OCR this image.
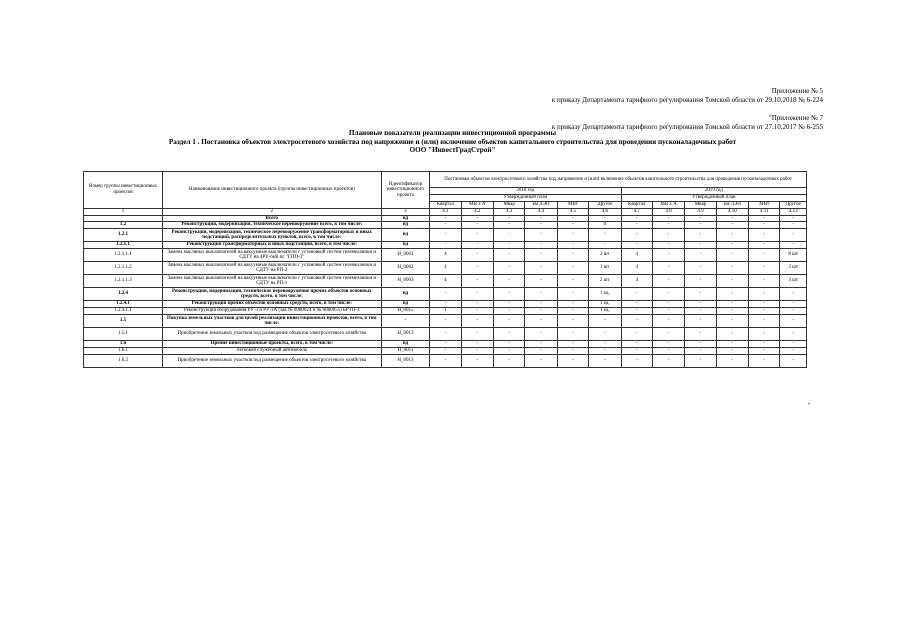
Приложение № 5
к приказу Департамента тарифного регулирования Томской области от 29.10.2018 № 6-224
"Приложение № 7
к приказу Департамента тарифного регулирования Томской области от 27.10.2017 № 6-255
Плановые показатели реализации инвестиционной программы
Раздел 1 . Постановка объектов электросетевого хозяйства под напряжение и (или) включение объектов капитального строительства для проведения пусконаладочных работ
ООО "ИнвестГрадСтрой"
Номер группы инвестиционных проектов	Наименование инвестиционного проекта (группы инвестиционных проектов)	Идентификатор инвестиционного проекта	Постановка объектов электросетевого хозяйства под напряжение и (или) включение объектов капитального строительства для проведения пусконаладочных работ											
			2018 год						2019 год					
			Утвержденный план						Утвержденный план					
			Квартал	МВ x А	Мвар	км ЛЭП	МВт	Другое	Квартал	МВ x А	Мвар	км ЛЭП	МВт	Другое
1	2	3	4.1	4.2	4.3	4.4	4.5	4.6	4.7	4.8	4.9	4.10	4.11	4.12
	Всего	нд	-	-	-	-	-	-	-	-	-	-	-	-
1.2	Реконструкция, модернизация, техническое перевооружение всего, в том числе:	нд	-	-	-	-	-	0	-	-	-	-	-	-
1.2.1	Реконструкция, модернизация, техническое перевооружение трансформаторных и иных подстанций, распределительных пунктов, всего, в том числе:	нд	-	-	-	-	-	-	-	-	-	-	-	-
1.2.1.1	Реконструкция трансформаторных и иных подстанций, всего, в том числе:	нд	-	-	-	-	-	-	-	-	-	-	-	-
1.2.1.1.1	Замена масляных выключателей на вакуумные выключатели с установкой систем телемеханики и СДТУ на ЗРУ-6кВ пс "ГПП-3"	Н_0001	4	-	-	-	-	2 шт	4	-	-	-	-	8 шт
1.2.1.1.2	Замена масляных выключателей на вакуумные выключатели с установкой систем телемеханики и СДТУ на РП-2	Н_0002	4	-	-	-	-	1 шт	4	-	-	-	-	3 шт
1.2.1.1.3	Замена масляных выключателей на вакуумные выключатели с установкой систем телемеханики и СДТУ на РП-1	Н_0003	4	-	-	-	-	2 шт	4	-	-	-	-	3 шт
1.2.4	Реконструкция, модернизация, техническое перевооружение прочих объектов основных средств, всего, в том числе:	нд	-	-	-	-	-	1 ед.	-	-	-	-	-	-
1.2.4.1	Реконструкция прочих объектов основных средств, всего, в том числе:	нд	-	-	-	-	-	1 ед.	-	-	-	-	-	-
1.2.4.1.1	Реконструкция оборудования РУ-3 и РУ-3А (зав № 0080024 и № 0080055) БРТП-3	Н_0015	1	-	-	-	-	1 ед.	-	-	-	-	-	-
1.5	Покупка земельных участков для целей реализации инвестиционных проектов, всего, в том числе:	-	-	-	-	-	-	-	-	-	-	-	-	-
1.5.1	Приобретение земельных участков под размещение объектов электросетевого хозяйства	Н_0013	-	-	-	-	-	-	-	-	-	-	-	-
1.6	Прочие инвестиционные проекты, всего, в том числе:	нд	-	-	-	-	-	-	-	-	-	-	-	-
1.6.1	Легковой служебный автомобиль	Н_0011	-	-	-	-	-	-	-	-	-	-	-	-
1.6.2	Приобретение земельных участков под размещение объектов электросетевого хозяйства	Н_0013	-	-	-	-	-	-	-	-	-	-	-	-
"
